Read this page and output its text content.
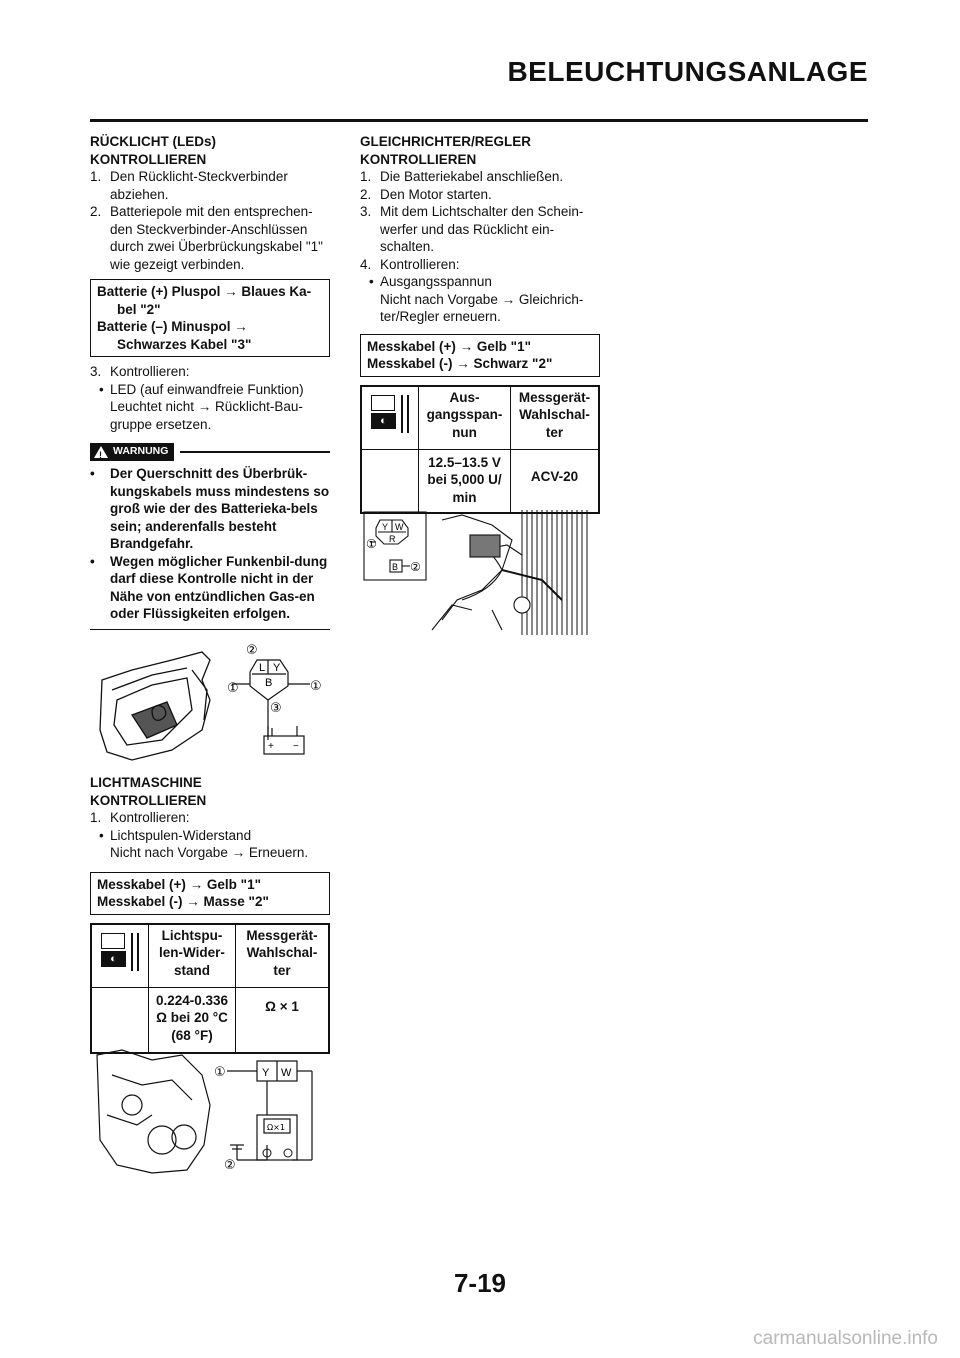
BELEUCHTUNGSANLAGE
RÜCKLICHT (LEDs)
KONTROLLIEREN
1. Den Rücklicht-Steckverbinder abziehen.
2. Batteriepole mit den entsprechen-den Steckverbinder-Anschlüssen durch zwei Überbrückungskabel "1" wie gezeigt verbinden.
Batterie (+) Pluspol → Blaues Ka-
bel "2"
Batterie (–) Minuspol →
Schwarzes Kabel "3"
3. Kontrollieren:
• LED (auf einwandfreie Funktion)
Leuchtet nicht → Rücklicht-Bau-gruppe ersetzen.
! WARNUNG
• Der Querschnitt des Überbrük-kungskabels muss mindestens so groß wie der des Batterieka-bels sein; anderenfalls besteht Brandgefahr.
• Wegen möglicher Funkenbil-dung darf diese Kontrolle nicht in der Nähe von entzündlichen Gas-en oder Flüssigkeiten erfolgen.
②
①	①
③
L Y
B
+ −
LICHTMASCHINE
KONTROLLIEREN
1. Kontrollieren:
• Lichtspulen-Widerstand
Nicht nach Vorgabe → Erneuern.
Messkabel (+) → Gelb "1"
Messkabel (-) → Masse "2"
◐	Lichtspu-len-Wider-stand	Messgerät-Wahlschal-ter
	0.224-0.336 Ω bei 20 °C (68 °F)	Ω × 1
①
②
Y W
Ω×1
GLEICHRICHTER/REGLER
KONTROLLIEREN
1. Die Batteriekabel anschließen.
2. Den Motor starten.
3. Mit dem Lichtschalter den Schein-werfer und das Rücklicht ein-schalten.
4. Kontrollieren:
• Ausgangsspannun
Nicht nach Vorgabe → Gleichrich-ter/Regler erneuern.
Messkabel (+) → Gelb "1"
Messkabel (-) → Schwarz "2"
◐	Aus-gangsspan-nun	Messgerät-Wahlschal-ter
	12.5–13.5 V bei 5,000 U/ min	ACV-20
①
②
Y W
R
B
7-19
carmanualsonline.info
